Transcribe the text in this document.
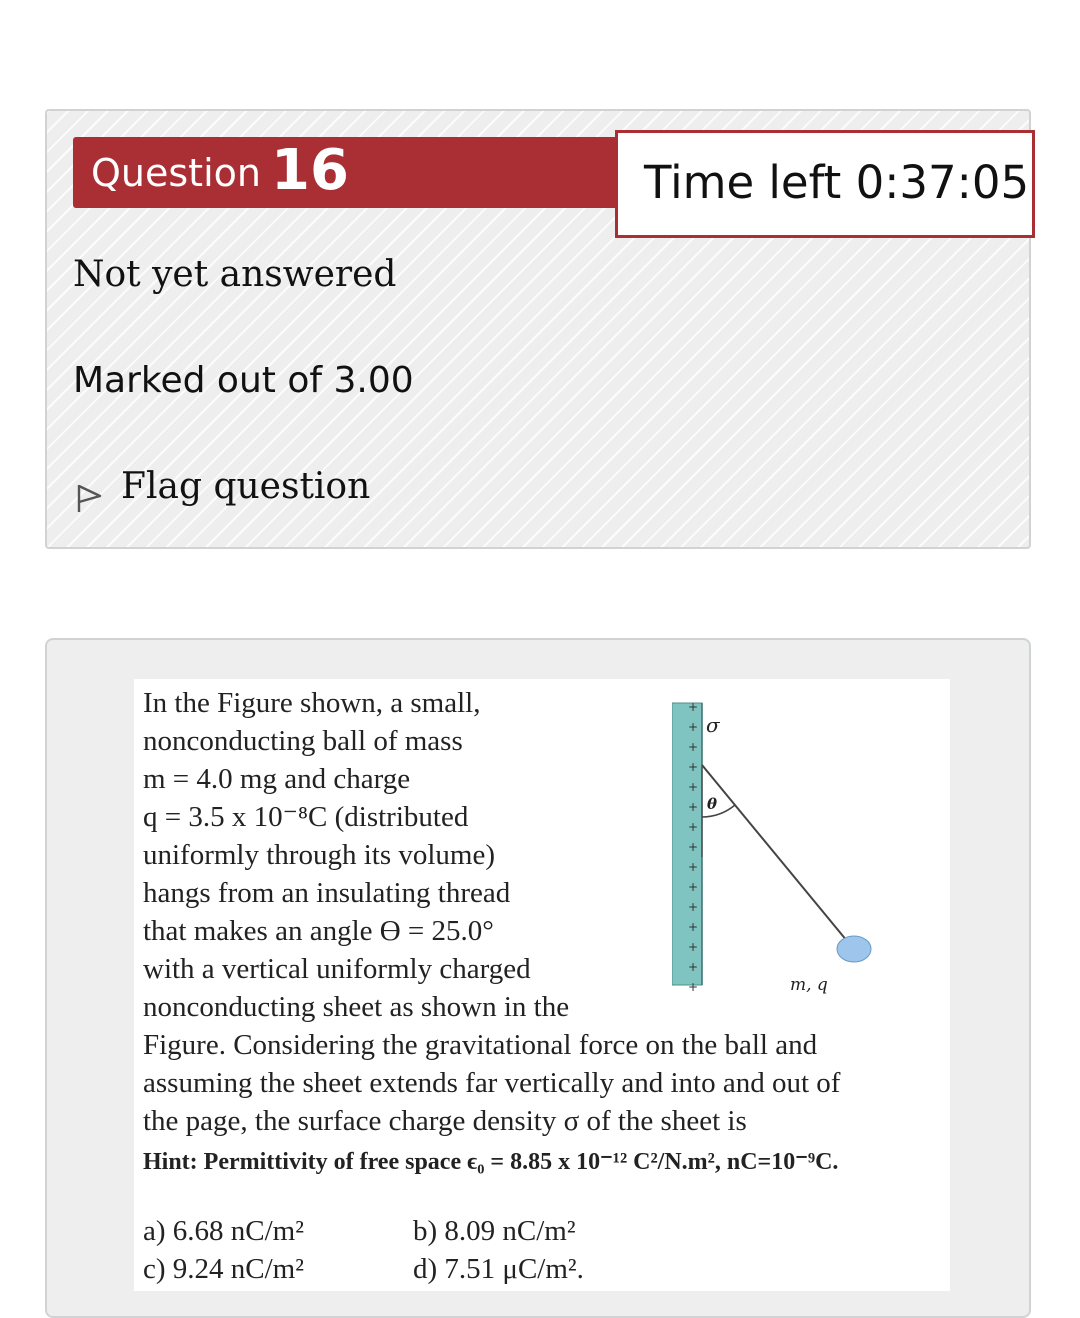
Question 16	Time left 0:37:05
Not yet answered
Marked out of 3.00
Flag question
In the Figure shown, a small,
nonconducting ball of mass
m = 4.0 mg and charge
q = 3.5 x 10⁻⁸C (distributed
uniformly through its volume)
hangs from an insulating thread
that makes an angle ϴ = 25.0°
with a vertical uniformly charged
nonconducting sheet as shown in the
Figure. Considering the gravitational force on the ball and
assuming the sheet extends far vertically and into and out of
the page, the surface charge density σ of the sheet is
Hint: Permittivity of free space ϵ₀ = 8.85 x 10⁻¹² C²/N.m², nC=10⁻⁹C.
a) 6.68 nC/m²	b) 8.09 nC/m²
c) 9.24 nC/m²	d) 7.51 μC/m².
+
+
+
+
+
+
+
+
+
+
+
+
+
+
+
σ
θ
m, q
